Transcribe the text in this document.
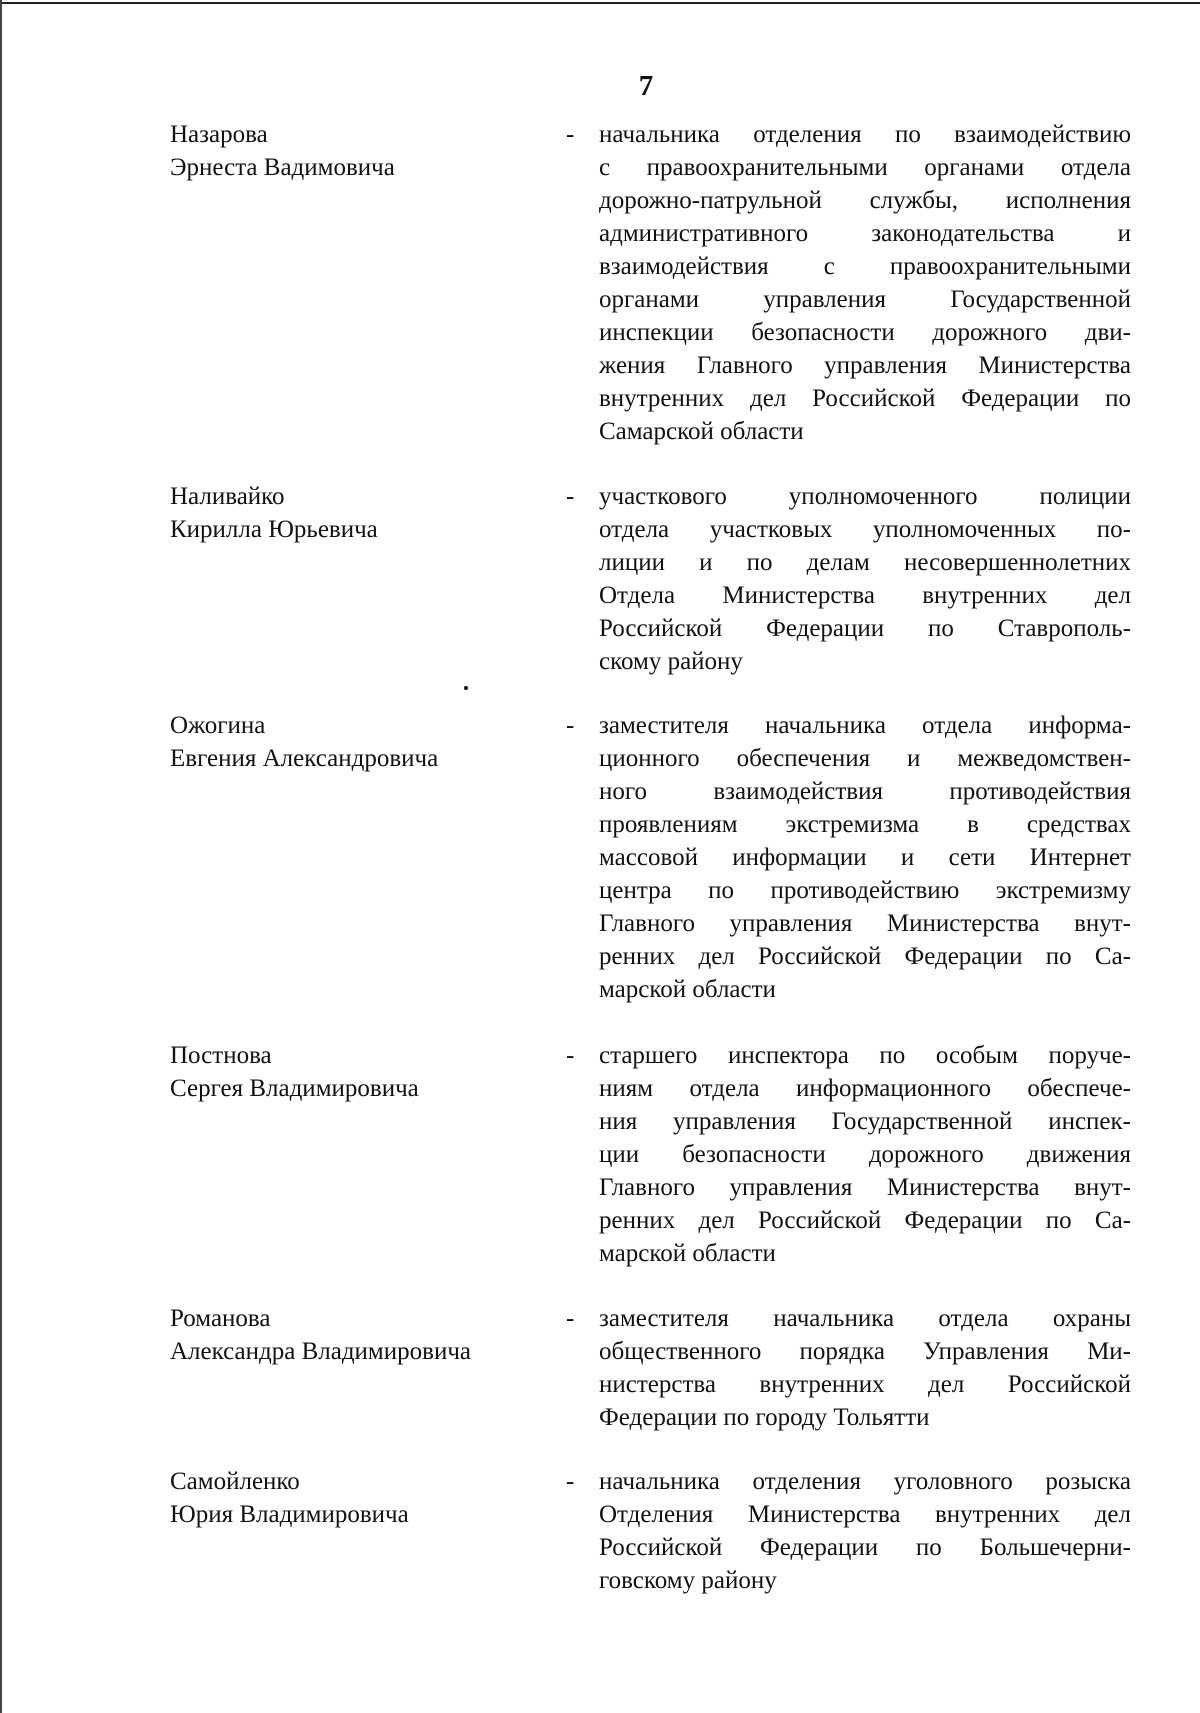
7
Назарова
Эрнеста Вадимовича
- начальника отделения по взаимодействию
с правоохранительными органами отдела
дорожно-патрульной службы, исполнения
административного законодательства и
взаимодействия с правоохранительными
органами управления Государственной
инспекции безопасности дорожного дви-
жения Главного управления Министерства
внутренних дел Российской Федерации по
Самарской области
Наливайко
Кирилла Юрьевича
- участкового уполномоченного полиции
отдела участковых уполномоченных по-
лиции и по делам несовершеннолетних
Отдела Министерства внутренних дел
Российской Федерации по Ставрополь-
скому району
Ожогина
Евгения Александровича
- заместителя начальника отдела информа-
ционного обеспечения и межведомствен-
ного взаимодействия противодействия
проявлениям экстремизма в средствах
массовой информации и сети Интернет
центра по противодействию экстремизму
Главного управления Министерства внут-
ренних дел Российской Федерации по Са-
марской области
Постнова
Сергея Владимировича
- старшего инспектора по особым поруче-
ниям отдела информационного обеспече-
ния управления Государственной инспек-
ции безопасности дорожного движения
Главного управления Министерства внут-
ренних дел Российской Федерации по Са-
марской области
Романова
Александра Владимировича
- заместителя начальника отдела охраны
общественного порядка Управления Ми-
нистерства внутренних дел Российской
Федерации по городу Тольятти
Самойленко
Юрия Владимировича
- начальника отделения уголовного розыска
Отделения Министерства внутренних дел
Российской Федерации по Большечерни-
говскому району
